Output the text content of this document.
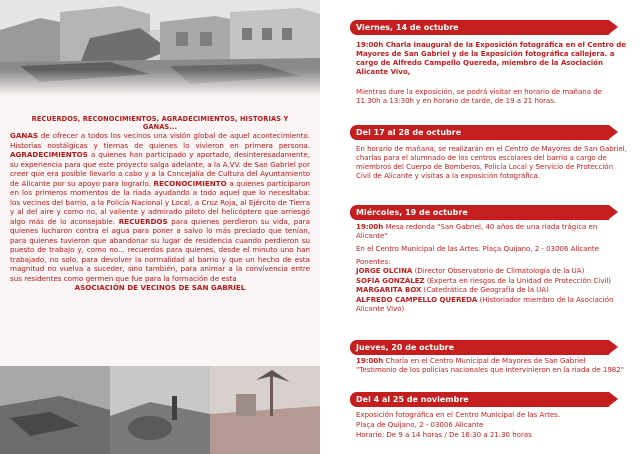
RECUERDOS, RECONOCIMIENTOS, AGRADECIMIENTOS, HISTORIAS Y GANAS...

GANAS de ofrecer a todos los vecinos una visión global de aquel acontecimiento. Historias nostálgicas y tiernas de quienes lo vivieron en primera persona. AGRADECIMIENTOS a quienes han participado y aportado, desinteresadamente, su experiencia para que este proyecto salga adelante, a la A.VV. de San Gabriel por creer que era posible llevarlo a cabo y a la Concejalía de Cultura del Ayuntamiento de Alicante por su apoyo para lograrlo. RECONOCIMIENTO a quienes participaron en los primeros momentos de la riada ayudando a todo aquel que lo necesitaba: los vecinos del barrio, a la Policía Nacional y Local, a Cruz Roja, al Ejército de Tierra y al del aire y como no, al valiente y admirado piloto del helicóptero que arriesgó algo más de lo aconsejable. RECUERDOS para quienes perdieron su vida, para quienes lucharon contra el agua para poner a salvo lo más preciado que tenían, para quienes tuvieron que abandonar su lugar de residencia cuando perdieron su puesto de trabajo y, como no... recuerdos para quienes, desde el minuto uno han trabajado, no solo, para devolver la normalidad al barrio y que un hecho de esta magnitud no vuelva a suceder, sino también, para animar a la convivencia entre sus residentes como germen que fue para la formación de esta
ASOCIACIÓN DE VECINOS DE SAN GABRIEL

Viernes, 14 de octubre

19:00h Charla inaugural de la Exposición fotográfica en el Centro de Mayores de San Gabriel y de la Exposición fotográfica callejera. a cargo de Alfredo Campello Quereda, miembro de la Asociación Alicante Vivo,

Mientras dure la exposición, se podrá visitar en horario de mañana de 11:30h a 13:30h y en horario de tarde, de 19 a 21 horas.

Del 17 al 28 de octubre

En horario de mañana, se realizarán en el Centro de Mayores de San Gabriel, charlas para el alumnado de los centros escolares del barrio a cargo de miembros del Cuerpo de Bomberos, Policía Local y Servicio de Protección Civil de Alicante y visitas a la exposición fotográfica.

Miércoles, 19 de octubre

19:00h Mesa redonda "San Gabriel, 40 años de una riada trágica en Alicante"

En el Centro Municipal de las Artes. Plaça Quijano, 2 - 03006 Alicante

Ponentes:
JORGE OLCINA (Director Observatorio de Climatología de la UA)
SOFÍA GONZÁLEZ (Experta en riesgos de la Unidad de Protección Civil)
MARGARITA BOX (Catedrática de Geografía de la UA)
ALFREDO CAMPELLO QUEREDA (Historiador miembro de la Asociación Alicante Vivo)
Jueves, 20 de octubre

19:00h Charla en el Centro Municipal de Mayores de San Gabriel "Testimonio de los policías nacionales que intervinieron en la riada de 1982"

Del 4 al 25 de noviembre

Exposición fotográfica en el Centro Municipal de las Artes.
Plaça de Quijano, 2 - 03006 Alicante
Horario: De 9 a 14 horas / De 16:30 a 21:30 horas
